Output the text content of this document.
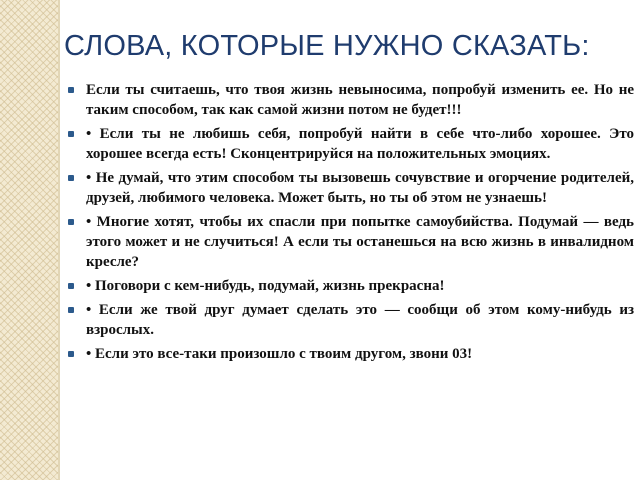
СЛОВА, КОТОРЫЕ НУЖНО СКАЗАТЬ:
Если ты считаешь, что твоя жизнь невыносима, попробуй изменить ее. Но не таким способом, так как самой жизни потом не будет!!!
• Если ты не любишь себя, попробуй найти в себе что-либо хорошее. Это хорошее всегда есть! Сконцентрируйся на положительных эмоциях.
• Не думай, что этим способом ты вызовешь сочувствие и огорчение родителей, друзей, любимого человека. Может быть, но ты об этом не узнаешь!
• Многие хотят, чтобы их спасли при попытке самоубийства. Подумай — ведь этого может и не случиться! А если ты останешься на всю жизнь в инвалидном кресле?
• Поговори с кем-нибудь, подумай, жизнь прекрасна!
• Если же твой друг думает сделать это — сообщи об этом кому-нибудь из взрослых.
• Если это все-таки произошло с твоим другом, звони 03!
